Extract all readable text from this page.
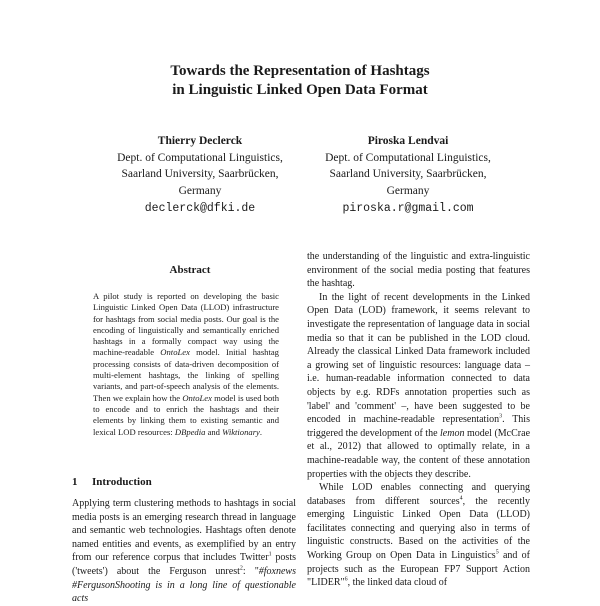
Towards the Representation of Hashtags
in Linguistic Linked Open Data Format
Thierry Declerck
Dept. of Computational Linguistics,
Saarland University, Saarbrücken,
Germany
declerck@dfki.de
Piroska Lendvai
Dept. of Computational Linguistics,
Saarland University, Saarbrücken,
Germany
piroska.r@gmail.com
Abstract
A pilot study is reported on developing the basic Linguistic Linked Open Data (LLOD) infrastructure for hashtags from social media posts. Our goal is the encoding of linguistically and semantically enriched hashtags in a formally compact way using the machine-readable OntoLex model. Initial hashtag processing consists of data-driven decomposition of multi-element hashtags, the linking of spelling variants, and part-of-speech analysis of the elements. Then we explain how the OntoLex model is used both to encode and to enrich the hashtags and their elements by linking them to existing semantic and lexical LOD resources: DBpedia and Wiktionary.
1 Introduction

Applying term clustering methods to hashtags in social media posts is an emerging research thread in language and semantic web technologies. Hashtags often denote named entities and events, as exemplified by an entry from our reference corpus that includes Twitter$^1$ posts ('tweets') about the Ferguson unrest$^2$: "#foxnews #FergusonShooting is in a long line of questionable acts

the understanding of the linguistic and extra-linguistic environment of the social media posting that features the hashtag.

In the light of recent developments in the Linked Open Data (LOD) framework, it seems relevant to investigate the representation of language data in social media so that it can be published in the LOD cloud. Already the classical Linked Data framework included a growing set of linguistic resources: language data – i.e. human-readable information connected to data objects by e.g. RDFs annotation properties such as 'label' and 'comment' –, have been suggested to be encoded in machine-readable representation$^3$. This triggered the development of the lemon model (McCrae et al., 2012) that allowed to optimally relate, in a machine-readable way, the content of these annotation properties with the objects they describe.

While LOD enables connecting and querying databases from different sources$^4$, the recently emerging Linguistic Linked Open Data (LLOD) facilitates connecting and querying also in terms of linguistic constructs. Based on the activities of the Working Group on Open Data in Linguistics$^5$ and of projects such as the European FP7 Support Action "LIDER"$^6$, the linked data cloud of
